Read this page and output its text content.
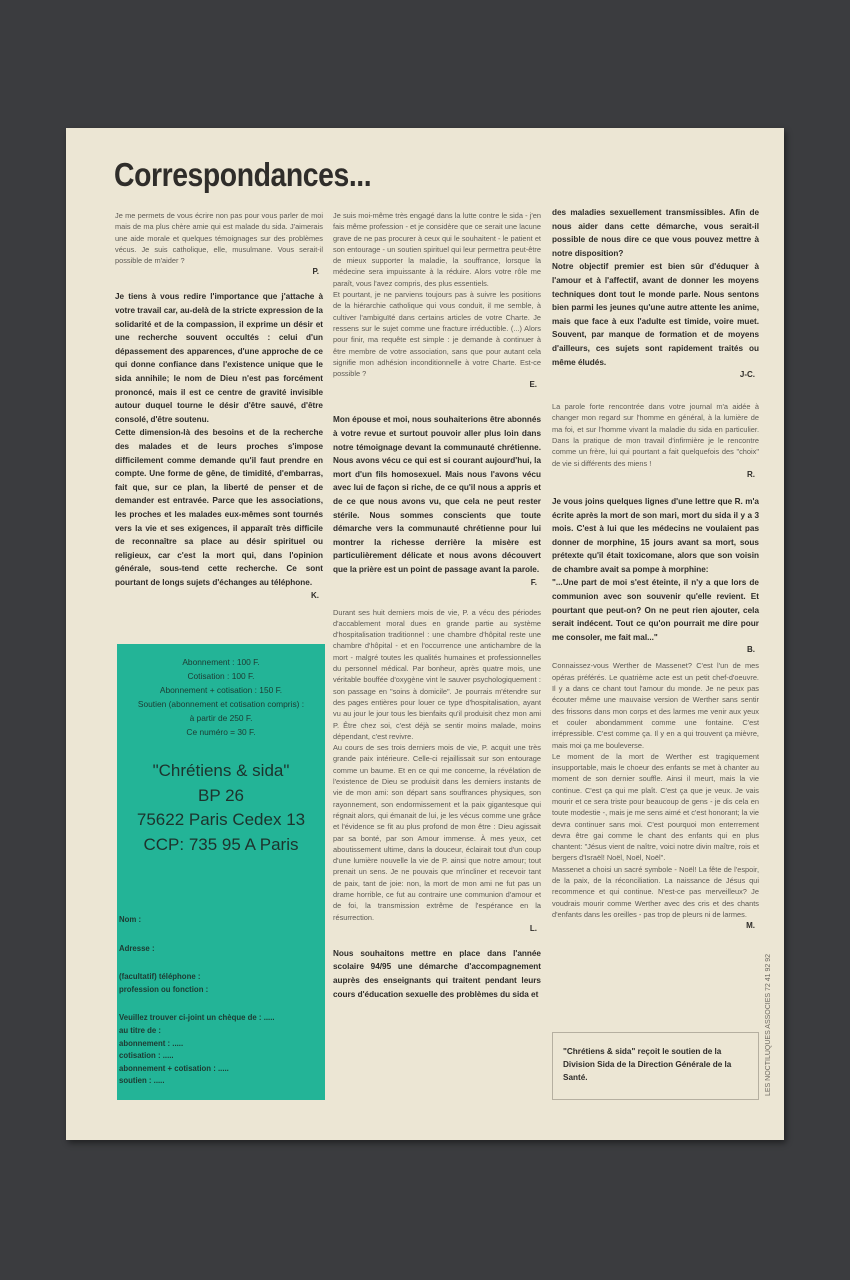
Correspondances...

Je me permets de vous écrire non pas pour vous parler de moi mais de ma plus chère amie qui est malade du sida. J'aimerais une aide morale et quelques témoignages sur des problèmes vécus. Je suis catholique, elle, musulmane. Vous serait-il possible de m'aider ?

P.

Je tiens à vous redire l'importance que j'attache à votre travail car, au-delà de la stricte expression de la solidarité et de la compassion, il exprime un désir et une recherche souvent occultés : celui d'un dépassement des apparences, d'une approche de ce qui donne confiance dans l'existence unique que le sida annihile; le nom de Dieu n'est pas forcément prononcé, mais il est ce centre de gravité invisible autour duquel tourne le désir d'être sauvé, d'être consolé, d'être soutenu.

Cette dimension-là des besoins et de la recherche des malades et de leurs proches s'impose difficilement comme demande qu'il faut prendre en compte. Une forme de gêne, de timidité, d'embarras, fait que, sur ce plan, la liberté de penser et de demander est entravée. Parce que les associations, les proches et les malades eux-mêmes sont tournés vers la vie et ses exigences, il apparaît très difficile de reconnaître sa place au désir spirituel ou religieux, car c'est la mort qui, dans l'opinion générale, sous-tend cette recherche. Ce sont pourtant de longs sujets d'échanges au téléphone.

K.
Abonnement : 100 F.
Cotisation : 100 F.
Abonnement + cotisation : 150 F.
Soutien (abonnement et cotisation compris) :
à partir de 250 F.
Ce numéro = 30 F.
"Chrétiens & sida"
BP 26
75622 Paris Cedex 13
CCP: 735 95 A Paris
Nom :
Adresse :
(facultatif) téléphone :
profession ou fonction :
Veuillez trouver ci-joint un chèque de : .....
au titre de :
abonnement : .....
cotisation : .....
abonnement + cotisation : .....
soutien : .....

Je suis moi-même très engagé dans la lutte contre le sida - j'en fais même profession - et je considère que ce serait une lacune grave de ne pas procurer à ceux qui le souhaitent - le patient et son entourage - un soutien spirituel qui leur permettra peut-être de mieux supporter la maladie, la souffrance, lorsque la médecine sera impuissante à la réduire. Alors votre rôle me paraît, vous l'avez compris, des plus essentiels.

Et pourtant, je ne parviens toujours pas à suivre les positions de la hiérarchie catholique qui vous conduit, il me semble, à cultiver l'ambiguïté dans certains articles de votre Charte. Je ressens sur le sujet comme une fracture irréductible. (...) Alors pour finir, ma requête est simple : je demande à continuer à être membre de votre association, sans que pour autant cela signifie mon adhésion inconditionnelle à votre Charte. Est-ce possible ?

E.

Mon épouse et moi, nous souhaiterions être abonnés à votre revue et surtout pouvoir aller plus loin dans notre témoignage devant la communauté chrétienne. Nous avons vécu ce qui est si courant aujourd'hui, la mort d'un fils homosexuel. Mais nous l'avons vécu avec lui de façon si riche, de ce qu'il nous a appris et de ce que nous avons vu, que cela ne peut rester stérile. Nous sommes conscients que toute démarche vers la communauté chrétienne pour lui montrer la richesse derrière la misère est particulièrement délicate et nous avons découvert que la prière est un point de passage avant la parole.

F.

Durant ses huit derniers mois de vie, P. a vécu des périodes d'accablement moral dues en grande partie au système d'hospitalisation traditionnel : une chambre d'hôpital reste une chambre d'hôpital - et en l'occurrence une antichambre de la mort - malgré toutes les qualités humaines et professionnelles du personnel médical. Par bonheur, après quatre mois, une véritable bouffée d'oxygène vint le sauver psychologiquement : son passage en "soins à domicile". Je pourrais m'étendre sur des pages entières pour louer ce type d'hospitalisation, ayant vu au jour le jour tous les bienfaits qu'il produisit chez mon ami P. Être chez soi, c'est déjà se sentir moins malade, moins dépendant, c'est revivre.

Au cours de ses trois derniers mois de vie, P. acquit une très grande paix intérieure. Celle-ci rejaillissait sur son entourage comme un baume. Et en ce qui me concerne, la révélation de l'existence de Dieu se produisit dans les derniers instants de vie de mon ami: son départ sans souffrances physiques, son rayonnement, son endormissement et la paix gigantesque qui régnait alors, qui émanait de lui, je les vécus comme une grâce et l'évidence se fit au plus profond de mon être : Dieu agissait par sa bonté, par son Amour immense. À mes yeux, cet aboutissement ultime, dans la douceur, éclairait tout d'un coup d'une lumière nouvelle la vie de P. ainsi que notre amour; tout prenait un sens. Je ne pouvais que m'incliner et recevoir tant de paix, tant de joie: non, la mort de mon ami ne fut pas un drame horrible, ce fut au contraire une communion d'amour et de foi, la transmission extrême de l'espérance en la résurrection.

L.

Nous souhaitons mettre en place dans l'année scolaire 94/95 une démarche d'accompagnement auprès des enseignants qui traitent pendant leurs cours d'éducation sexuelle des problèmes du sida et

des maladies sexuellement transmissibles. Afin de nous aider dans cette démarche, vous serait-il possible de nous dire ce que vous pouvez mettre à notre disposition?

Notre objectif premier est bien sûr d'éduquer à l'amour et à l'affectif, avant de donner les moyens techniques dont tout le monde parle. Nous sentons bien parmi les jeunes qu'une autre attente les anime, mais que face à eux l'adulte est timide, voire muet. Souvent, par manque de formation et de moyens d'ailleurs, ces sujets sont rapidement traités ou même éludés.

J-C.

La parole forte rencontrée dans votre journal m'a aidée à changer mon regard sur l'homme en général, à la lumière de ma foi, et sur l'homme vivant la maladie du sida en particulier. Dans la pratique de mon travail d'infirmière je le rencontre comme un frère, lui qui pourtant a fait quelquefois des "choix" de vie si différents des miens !

R.

Je vous joins quelques lignes d'une lettre que R. m'a écrite après la mort de son mari, mort du sida il y a 3 mois. C'est à lui que les médecins ne voulaient pas donner de morphine, 15 jours avant sa mort, sous prétexte qu'il était toxicomane, alors que son voisin de chambre avait sa pompe à morphine:

"...Une part de moi s'est éteinte, il n'y a que lors de communion avec son souvenir qu'elle revient. Et pourtant que peut-on? On ne peut rien ajouter, cela serait indécent. Tout ce qu'on pourrait me dire pour me consoler, me fait mal..."

B.

Connaissez-vous Werther de Massenet? C'est l'un de mes opéras préférés. Le quatrième acte est un petit chef-d'oeuvre. Il y a dans ce chant tout l'amour du monde. Je ne peux pas écouter même une mauvaise version de Werther sans sentir des frissons dans mon corps et des larmes me venir aux yeux et couler abondamment comme une fontaine. C'est irrépressible. C'est comme ça. Il y en a qui trouvent ça mièvre, mais moi ça me bouleverse.

Le moment de la mort de Werther est tragiquement insupportable, mais le choeur des enfants se met à chanter au moment de son dernier souffle. Ainsi il meurt, mais la vie continue. C'est ça qui me plaît. C'est ça que je veux. Je vais mourir et ce sera triste pour beaucoup de gens - je dis cela en toute modestie -, mais je me sens aimé et c'est honorant; la vie devra continuer sans moi. C'est pourquoi mon enterrement devra être gai comme le chant des enfants qui en plus chantent: "Jésus vient de naître, voici notre divin maître, rois et bergers d'Israël! Noël, Noël, Noël".

Massenet a choisi un sacré symbole - Noël! La fête de l'espoir, de la paix, de la réconciliation. La naissance de Jésus qui recommence et qui continue. N'est-ce pas merveilleux? Je voudrais mourir comme Werther avec des cris et des chants d'enfants dans les oreilles - pas trop de pleurs ni de larmes.

M.
"Chrétiens & sida" reçoit le soutien de la Division Sida de la Direction Générale de la Santé.	LES NOCTILUQUES ASSOCIES 72 41 92 92
